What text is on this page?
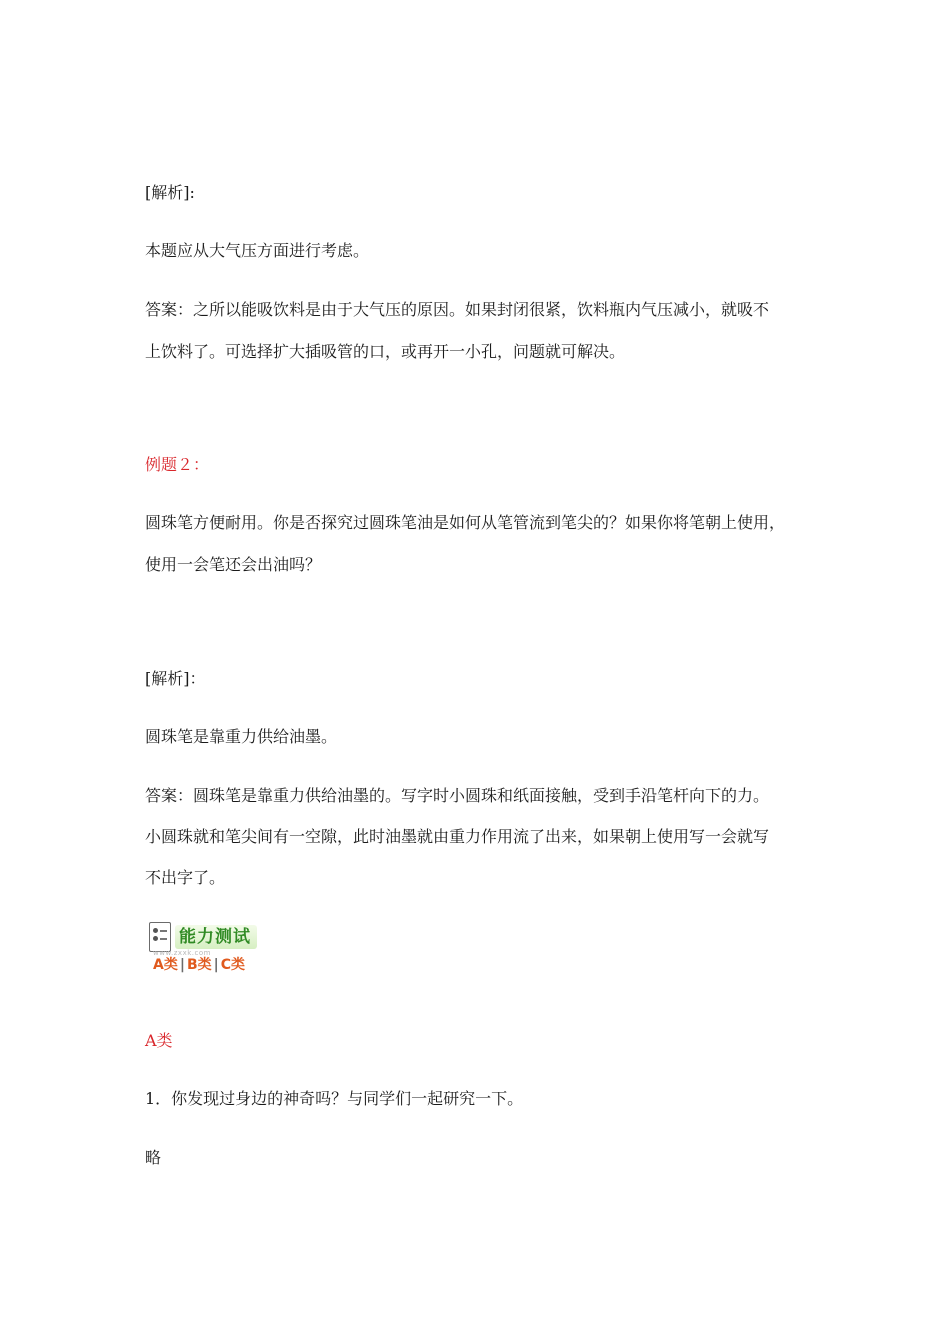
[解析]:
本题应从大气压方面进行考虑。
答案：之所以能吸饮料是由于大气压的原因。如果封闭很紧，饮料瓶内气压减小，就吸不
上饮料了。可选择扩大插吸管的口，或再开一小孔，问题就可解决。
例题２：
圆珠笔方便耐用。你是否探究过圆珠笔油是如何从笔管流到笔尖的？如果你将笔朝上使用，
使用一会笔还会出油吗？
[解析]：
圆珠笔是靠重力供给油墨。
答案：圆珠笔是靠重力供给油墨的。写字时小圆珠和纸面接触，受到手沿笔杆向下的力。
小圆珠就和笔尖间有一空隙，此时油墨就由重力作用流了出来，如果朝上使用写一会就写
不出字了。
能力测试
www.zxxk.com
A类 | B类 | C类
A类
1．你发现过身边的神奇吗？与同学们一起研究一下。
略
